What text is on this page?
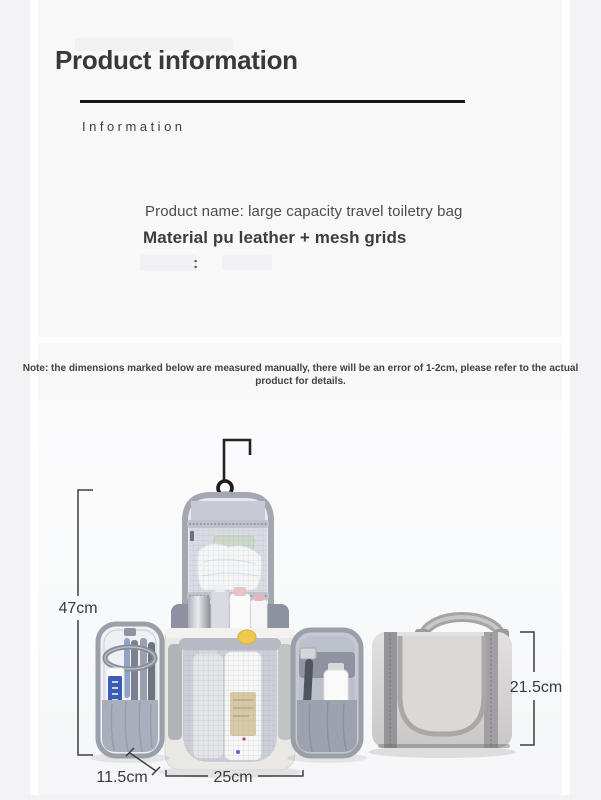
Product information
Information
Product name: large capacity travel toiletry bag
Material pu leather + mesh grids
:
Note: the dimensions marked below are measured manually, there will be an error of 1-2cm, please refer to the actual
product for details.
47cm
11.5cm	25cm
21.5cm
